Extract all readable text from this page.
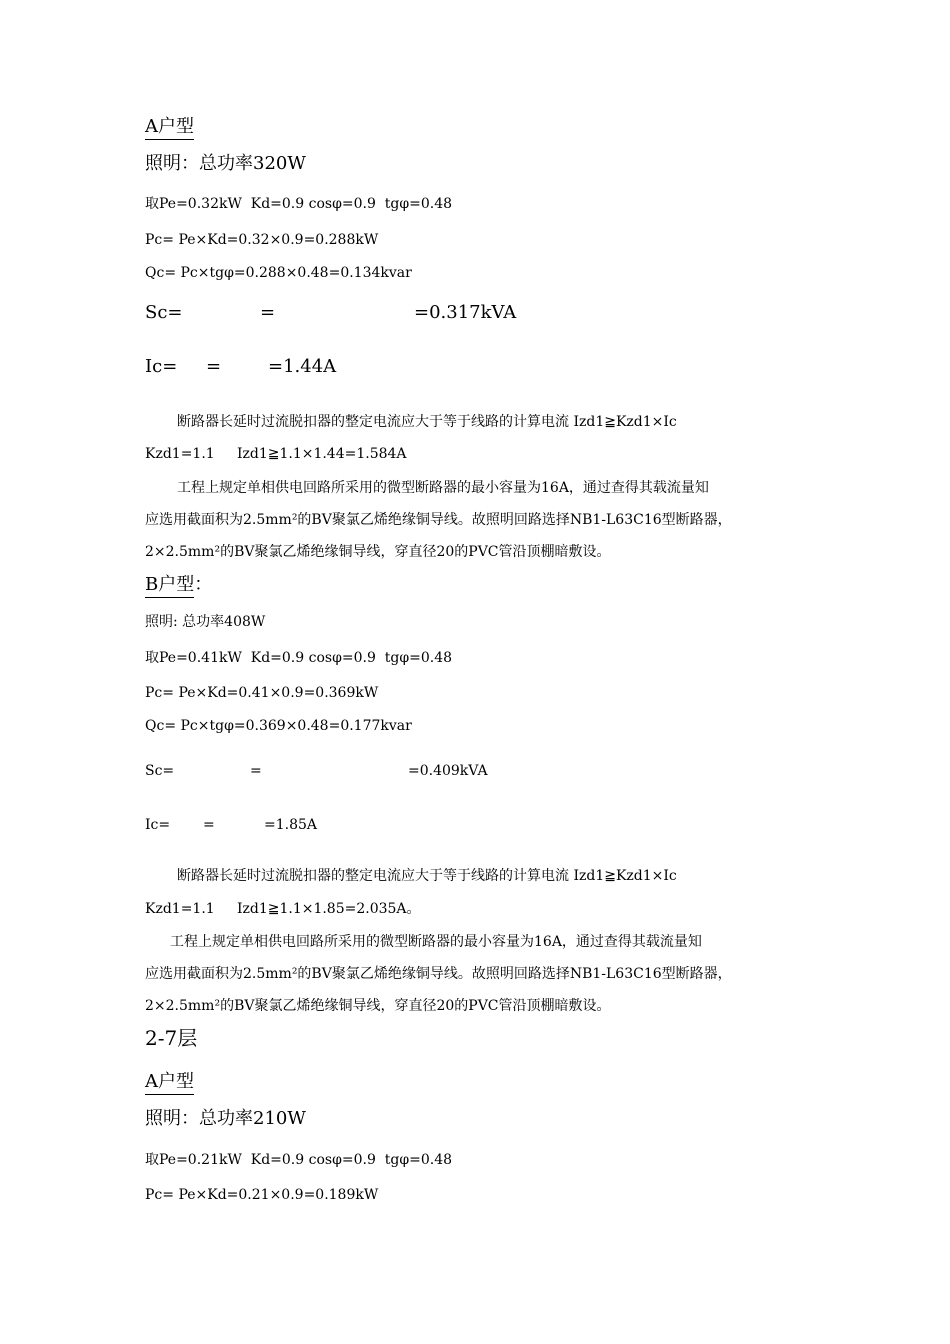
A户型
照明：总功率320W
取Pe=0.32kW  Kd=0.9 cosφ=0.9  tgφ=0.48
Pc= Pe×Kd=0.32×0.9=0.288kW
Qc= Pc×tgφ=0.288×0.48=0.134kvar
Sc=	=	=0.317kVA
Ic= =	=1.44A
断路器长延时过流脱扣器的整定电流应大于等于线路的计算电流 Izd1≧Kzd1×Ic
Kzd1=1.1     Izd1≧1.1×1.44=1.584A
工程上规定单相供电回路所采用的微型断路器的最小容量为16A，通过查得其载流量知
应选用截面积为2.5mm²的BV聚氯乙烯绝缘铜导线。故照明回路选择NB1-L63C16型断路器，
2×2.5mm²的BV聚氯乙烯绝缘铜导线，穿直径20的PVC管沿顶棚暗敷设。
B户型：
照明: 总功率408W
取Pe=0.41kW  Kd=0.9 cosφ=0.9  tgφ=0.48
Pc= Pe×Kd=0.41×0.9=0.369kW
Qc= Pc×tgφ=0.369×0.48=0.177kvar
Sc=	=	=0.409kVA
Ic= =	=1.85A
断路器长延时过流脱扣器的整定电流应大于等于线路的计算电流 Izd1≧Kzd1×Ic
Kzd1=1.1     Izd1≧1.1×1.85=2.035A。
工程上规定单相供电回路所采用的微型断路器的最小容量为16A，通过查得其载流量知
应选用截面积为2.5mm²的BV聚氯乙烯绝缘铜导线。故照明回路选择NB1-L63C16型断路器，
2×2.5mm²的BV聚氯乙烯绝缘铜导线，穿直径20的PVC管沿顶棚暗敷设。
2-7层
A户型
照明：总功率210W
取Pe=0.21kW  Kd=0.9 cosφ=0.9  tgφ=0.48
Pc= Pe×Kd=0.21×0.9=0.189kW
